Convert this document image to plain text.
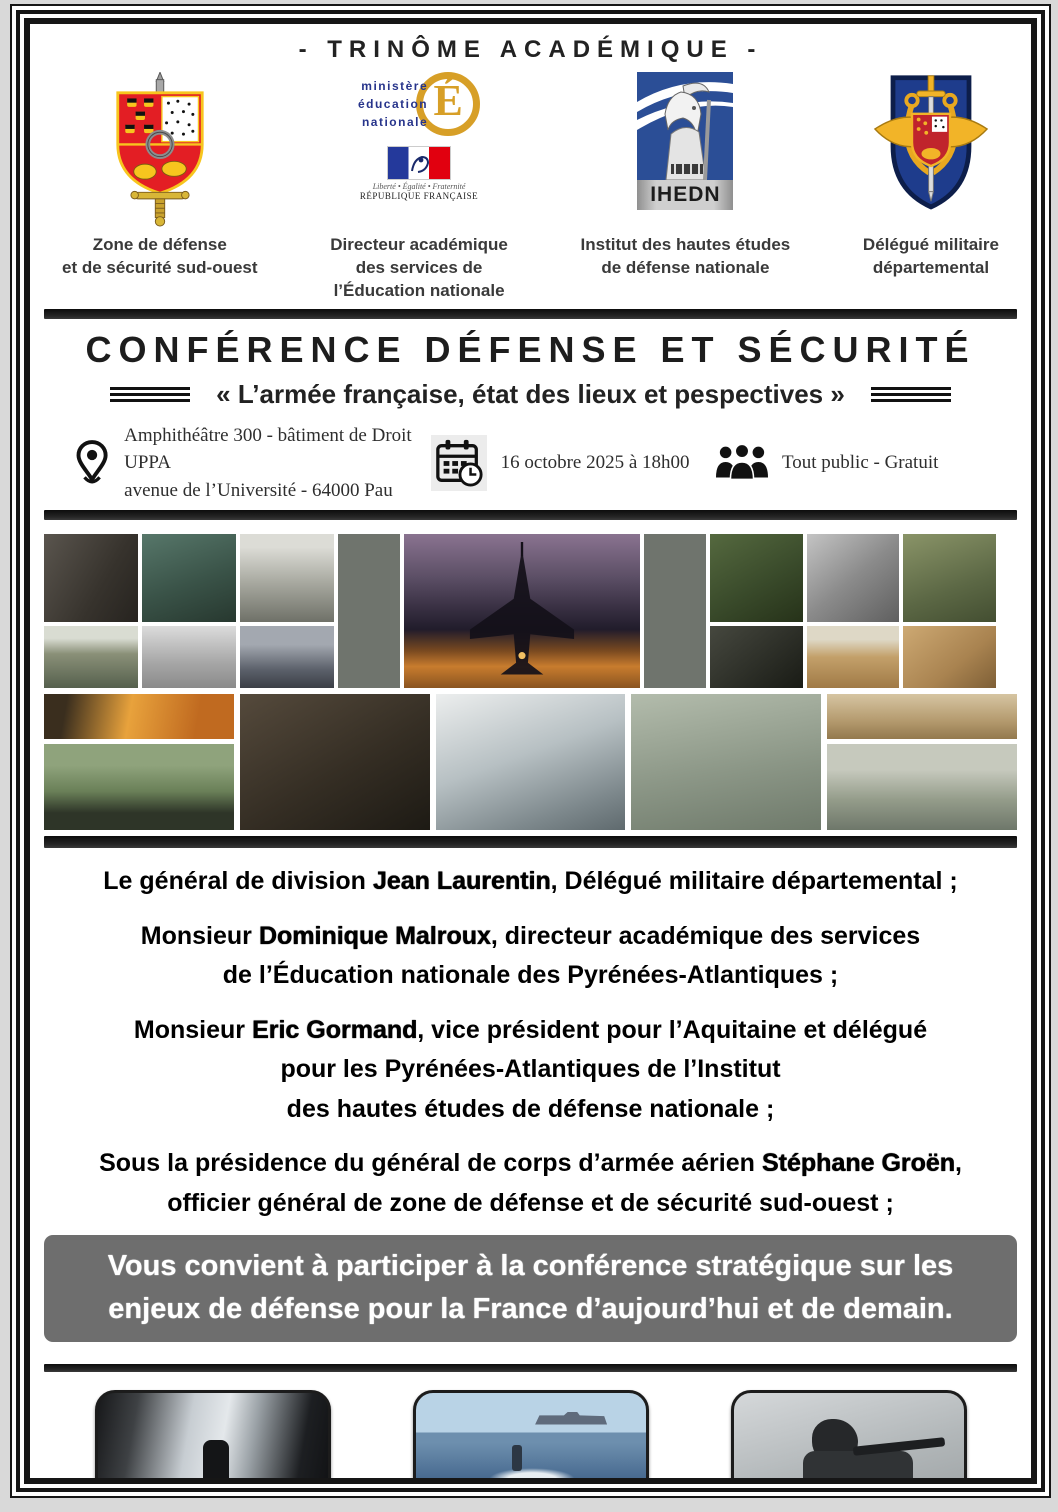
- TRINÔME ACADÉMIQUE -
Zone de défense
et de sécurité sud-ouest
ministère
éducation
nationale É
Liberté • Égalité • Fraternité
RÉPUBLIQUE FRANÇAISE
Directeur académique
des services de
l’Éducation nationale
IHEDN
Institut des hautes études
de défense nationale
Délégué militaire
départemental
CONFÉRENCE DÉFENSE ET SÉCURITÉ
« L’armée française, état des lieux et pespectives »
Amphithéâtre 300 - bâtiment de Droit UPPA
avenue de l’Université - 64000 Pau
16 octobre 2025 à 18h00	Tout public - Gratuit

Le général de division Jean Laurentin, Délégué militaire départemental ;

Monsieur Dominique Malroux, directeur académique des services
de l’Éducation nationale des Pyrénées-Atlantiques ;

Monsieur Eric Gormand, vice président pour l’Aquitaine et délégué
pour les Pyrénées-Atlantiques de l’Institut
des hautes études de défense nationale ;

Sous la présidence du général de corps d’armée aérien Stéphane Groën,
officier général de zone de défense et de sécurité sud-ouest ;

Vous convient à participer à la conférence stratégique sur les
enjeux de défense pour la France d’aujourd’hui et de demain.
